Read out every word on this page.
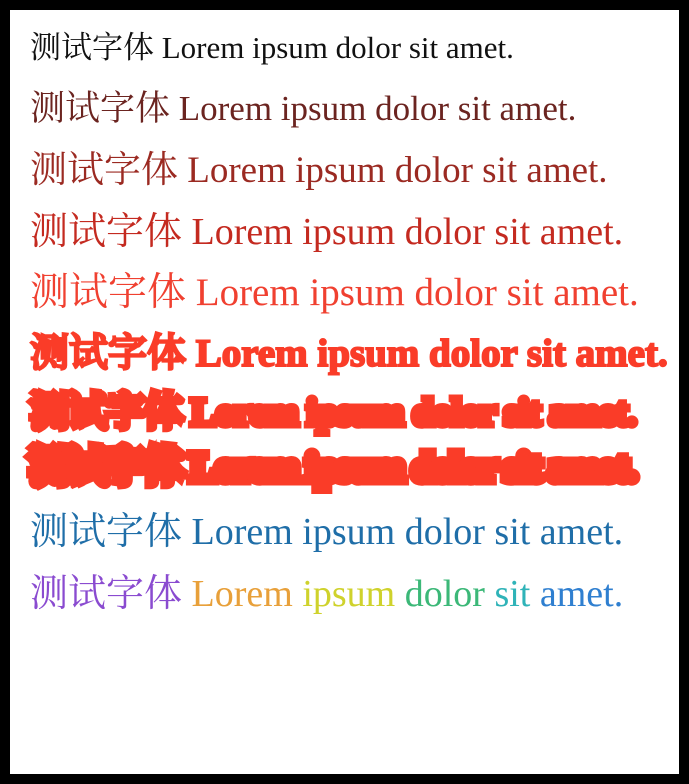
测试字体 Lorem ipsum dolor sit amet.
测试字体 Lorem ipsum dolor sit amet.
测试字体 Lorem ipsum dolor sit amet.
测试字体 Lorem ipsum dolor sit amet.
测试字体 Lorem ipsum dolor sit amet.
测试字体 Lorem ipsum dolor sit amet.
测试字体 Lorem ipsum dolor sit amet.
测试字体 Lorem ipsum dolor sit amet.
测试字体 Lorem ipsum dolor sit amet.
测试字体 Lorem ipsum dolor sit amet.
